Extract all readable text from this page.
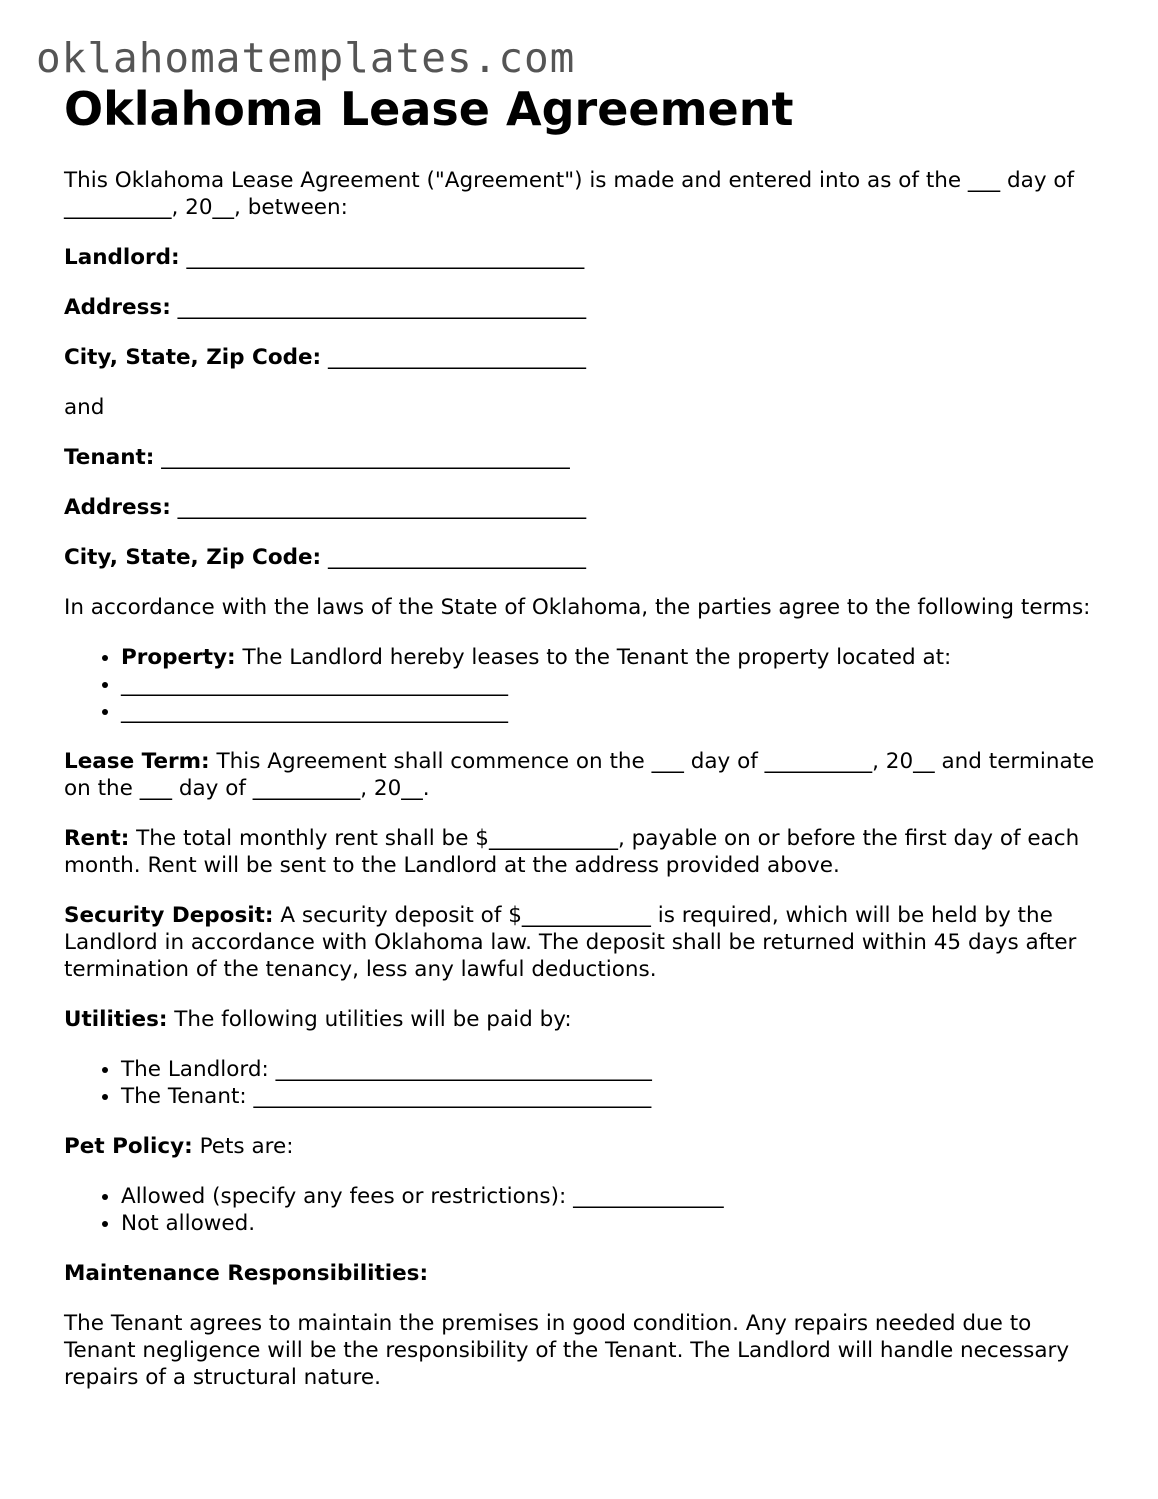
oklahomatemplates.com
Oklahoma Lease Agreement

This Oklahoma Lease Agreement ("Agreement") is made and entered into as of the ___ day of __________, 20__, between:

Landlord: _____________________________________

Address: ______________________________________

City, State, Zip Code: ________________________

and

Tenant: ______________________________________

Address: ______________________________________

City, State, Zip Code: ________________________

In accordance with the laws of the State of Oklahoma, the parties agree to the following terms:

• Property: The Landlord hereby leases to the Tenant the property located at:
• ____________________________________
• ____________________________________

Lease Term: This Agreement shall commence on the ___ day of __________, 20__ and terminate on the ___ day of __________, 20__.

Rent: The total monthly rent shall be $____________, payable on or before the first day of each month. Rent will be sent to the Landlord at the address provided above.

Security Deposit: A security deposit of $____________ is required, which will be held by the Landlord in accordance with Oklahoma law. The deposit shall be returned within 45 days after termination of the tenancy, less any lawful deductions.

Utilities: The following utilities will be paid by:

• The Landlord: ___________________________________
• The Tenant: _____________________________________

Pet Policy: Pets are:

• Allowed (specify any fees or restrictions): ______________
• Not allowed.

Maintenance Responsibilities:

The Tenant agrees to maintain the premises in good condition. Any repairs needed due to Tenant negligence will be the responsibility of the Tenant. The Landlord will handle necessary repairs of a structural nature.
